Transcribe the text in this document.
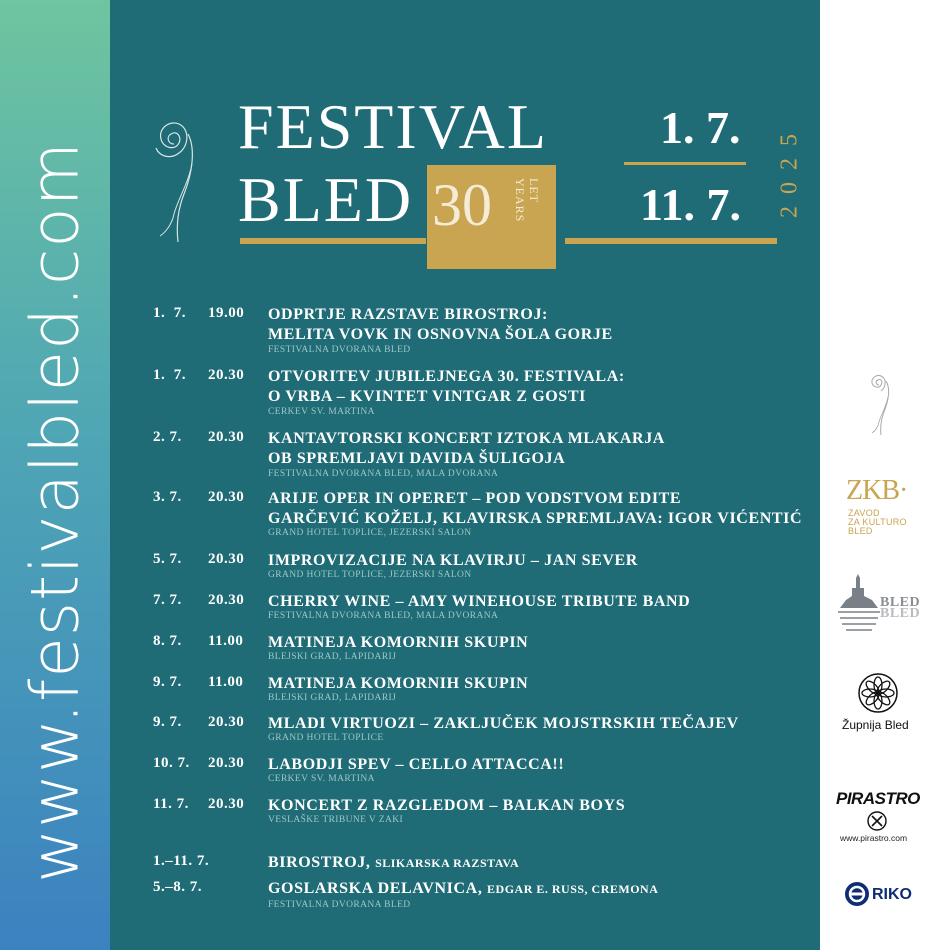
www.festivalbled.com
FESTIVAL
BLED 30	LET
YEARS
1. 7.
11. 7. 2025
1.  7. 19.00 ODPRTJE RAZSTAVE BIROSTROJ:
MELITA VOVK IN OSNOVNA ŠOLA GORJE
FESTIVALNA DVORANA BLED
1.  7. 20.30 OTVORITEV JUBILEJNEGA 30. FESTIVALA:
O VRBA – KVINTET VINTGAR Z GOSTI
CERKEV SV. MARTINA
2. 7. 20.30 KANTAVTORSKI KONCERT IZTOKA MLAKARJA
OB SPREMLJAVI DAVIDA ŠULIGOJA
FESTIVALNA DVORANA BLED, MALA DVORANA
3. 7. 20.30 ARIJE OPER IN OPERET – POD VODSTVOM EDITE
GARČEVIĆ KOŽELJ, KLAVIRSKA SPREMLJAVA: IGOR VIĆENTIĆ
GRAND HOTEL TOPLICE, JEZERSKI SALON
5. 7. 20.30 IMPROVIZACIJE NA KLAVIRJU – JAN SEVER
GRAND HOTEL TOPLICE, JEZERSKI SALON
7. 7. 20.30 CHERRY WINE – AMY WINEHOUSE TRIBUTE BAND
FESTIVALNA DVORANA BLED, MALA DVORANA
8. 7. 11.00 MATINEJA KOMORNIH SKUPIN
BLEJSKI GRAD, LAPIDARIJ
9. 7. 11.00 MATINEJA KOMORNIH SKUPIN
BLEJSKI GRAD, LAPIDARIJ
9. 7. 20.30 MLADI VIRTUOZI – ZAKLJUČEK MOJSTRSKIH TEČAJEV
GRAND HOTEL TOPLICE
10. 7. 20.30 LABODJI SPEV – CELLO ATTACCA!!
CERKEV SV. MARTINA
11. 7. 20.30 KONCERT Z RAZGLEDOM – BALKAN BOYS
VESLAŠKE TRIBUNE V ZAKI
1.–11. 7.	BIROSTROJ, SLIKARSKA RAZSTAVA
5.–8. 7.	GOSLARSKA DELAVNICA, EDGAR E. RUSS, CREMONA
FESTIVALNA DVORANA BLED
ZKB·
ZAVOD
ZA KULTURO
BLED
BLED
BLED
Župnija Bled
PIRASTRO
www.pirastro.com
RIKO
